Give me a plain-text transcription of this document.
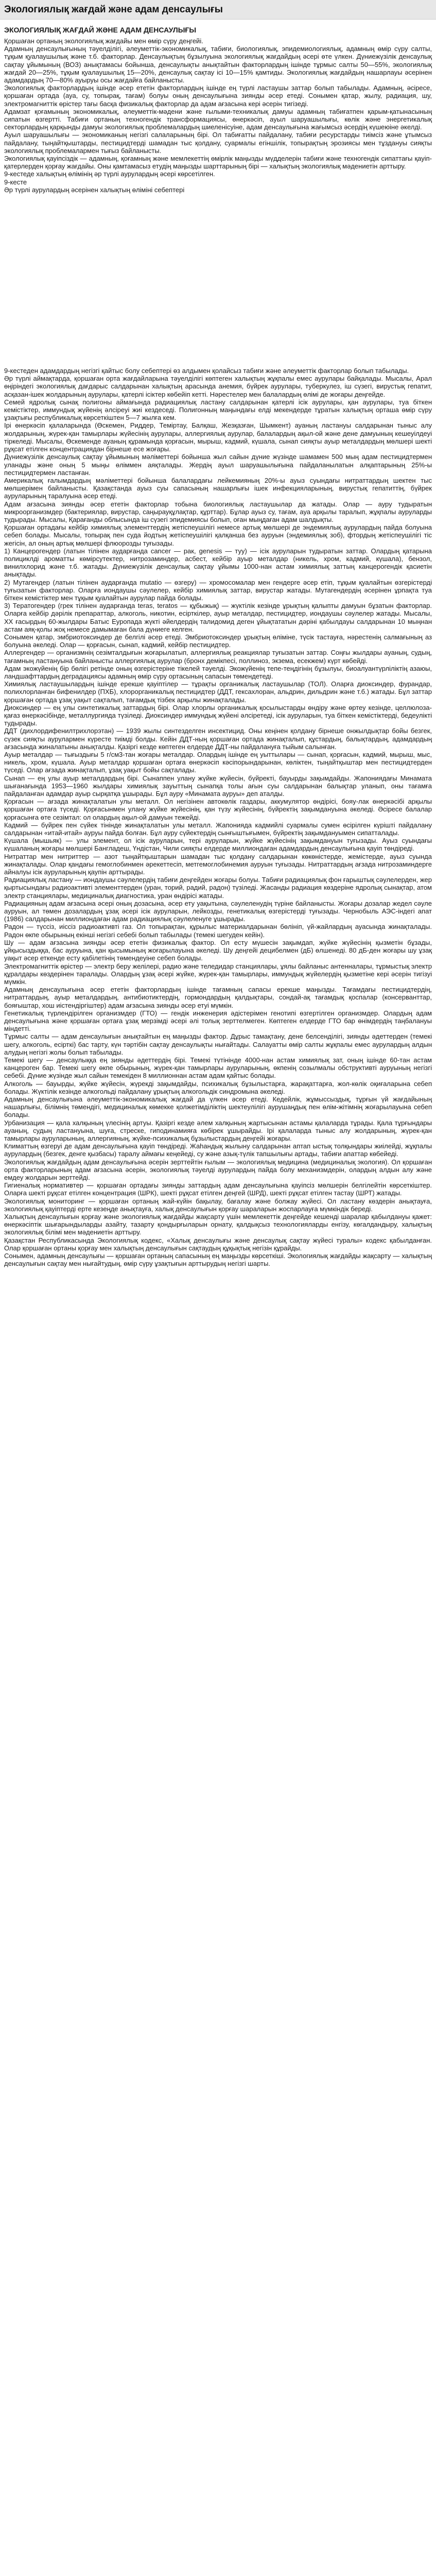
Экологиялық жағдай және адам денсаулығы
ЭКОЛОГИЯЛЫҚ ЖАҒДАЙ ЖӘНЕ АДАМ ДЕНСАУЛЫҒЫ

Қоршаған ортаның экологиялық жағдайы мен өмір сүру деңгейі.

Адамның денсаулығының тәуелділігі, әлеуметтік-экономикалық, табиғи, биологиялық, эпидемиологиялық, адамның өмір сүру салты, тұқым қуалаушылық және т.б. факторлар. Денсаулықтың бұзылуына экологиялық жағдайдың әсері өте үлкен. Дүниежүзілік денсаулық сақтау ұйымының (ВОЗ) анықтамасы бойынша, денсаулықты анықтайтын факторлардың ішінде тұрмыс салты 50—55%, экологиялық жағдай 20—25%, тұқым қуалаушылық 15—20%, денсаулық сақтау ісі 10—15% қамтиды. Экологиялық жағдайдың нашарлауы әсерінен адамдардың 70—80% ауыруы осы жағдайға байланысты.

Экологиялық факторлардың ішінде әсер ететін факторлардың ішінде ең түрлі ластаушы заттар болып табылады. Адамның, әсіресе, қоршаған ортада (ауа, су, топырақ, тағам) болуы оның денсаулығына зиянды әсер етеді. Сонымен қатар, жылу, радиация, шу, электромагниттік өрістер тағы басқа физикалық факторлар да адам ағзасына кері әсерін тигізеді.

Адамзат қоғамының экономикалық, әлеуметтік-мәдени және ғылыми-техникалық дамуы адамның табиғатпен қарым-қатынасының сипатын өзгертті. Табиғи ортаның техногендік трансформациясы, өнеркәсіп, ауыл шаруашылығы, көлік және энергетикалық секторлардың қарқынды дамуы экологиялық проблемалардың шиеленісуіне, адам денсаулығына жағымсыз әсердің күшеюіне әкелді.

Ауыл шаруашылығы — экономиканың негізгі салаларының бірі. Ол табиғатты пайдалану, табиғи ресурстарды тиімсіз және ұтымсыз пайдалану, тыңайтқыштарды, пестицидтерді шамадан тыс қолдану, суармалы егіншілік, топырақтың эрозиясы мен тұздануы сияқты экологиялық проблемалармен тығыз байланысты.

Экологиялық қауіпсіздік — адамның, қоғамның және мемлекеттің өмірлік маңызды мүдделерін табиғи және техногендік сипаттағы қауіп-қатерлерден қорғау жағдайы. Оны қамтамасыз етудің маңызды шарттарының бірі — халықтың экологиялық мәдениетін арттыру.

9-кестеде халықтың өлімінің әр түрлі аурулардың әсері көрсетілген.

9-кесте

Әр түрлі аурулардың әсерінен халықтың өліміні себептері

9-кестеден адамдардың негізгі қайтыс болу себептері өз алдымен қолайсыз табиғи және әлеуметтік факторлар болып табылады.

Әр түрлі аймақтарда, қоршаған орта жағдайларына тәуелділігі көптеген халықтың жұқпалы емес аурулары байқалады. Мысалы, Арал өңіріндегі экологиялық дағдарыс салдарынан халықтың арасында анемия, бүйрек аурулары, туберкулез, іш сүзегі, вирустық гепатит, асқазан-ішек жолдарының аурулары, қатерлі ісіктер көбейіп кетті. Нәрестелер мен балалардың өлімі де жоғары деңгейде.

Семей ядролық сынақ полигоны аймағында радиациялық ластану салдарынан қатерлі ісік аурулары, қан аурулары, туа біткен кемістіктер, иммундық жүйенің әлсіреуі жиі кездеседі. Полигонның маңындағы елді мекендерде тұратын халықтың орташа өмір сүру ұзақтығы республикалық көрсеткіштен 5—7 жылға кем.

Ірі өнеркәсіп қалаларында (Өскемен, Риддер, Теміртау, Балқаш, Жезқазған, Шымкент) ауаның ластануы салдарынан тыныс алу жолдарының, жүрек-қан тамырлары жүйесінің аурулары, аллергиялық аурулар, балалардың ақыл-ой және дене дамуының кешеуілдеуі тіркеледі. Мысалы, Өскеменде ауаның құрамында қорғасын, мырыш, кадмий, күшала, сынап сияқты ауыр металдардың мөлшері шекті рұқсат етілген концентрациядан бірнеше есе жоғары.

Дүниежүзілік денсаулық сақтау ұйымының мәліметтері бойынша жыл сайын дүние жүзінде шамамен 500 мың адам пестицидтермен уланады және оның 5 мыңы өліммен аяқталады. Жердің ауыл шаруашылығына пайдаланылатын алқаптарының 25%-ы пестицидтермен ластанған.

Америкалық ғалымдардың мәліметтері бойынша балалардағы лейкемияның 20%-ы ауыз суындағы нитраттардың шектен тыс мөлшерімен байланысты. Қазақстанда ауыз суы сапасының нашарлығы ішек инфекцияларының, вирустық гепатиттің, бүйрек ауруларының таралуына әсер етеді.

Адам ағзасына зиянды әсер ететін факторлар тобына биологиялық ластаушылар да жатады. Олар — ауру тудыратын микроорганизмдер (бактериялар, вирустар, саңырауқұлақтар, құрттар). Бұлар ауыз су, тағам, ауа арқылы таралып, жұқпалы ауруларды тудырады. Мысалы, Қарағанды облысында іш сүзегі эпидемиясы болып, оған мыңдаған адам шалдықты.

Қоршаған ортадағы кейбір химиялық элементтердің жетіспеушілігі немесе артық мөлшері де эндемиялық аурулардың пайда болуына себеп болады. Мысалы, топырақ пен суда йодтың жетіспеушілігі қалқанша без ауруын (эндемиялық зоб), фтордың жетіспеушілігі тіс жегісін, ал оның артық мөлшері флюорозды туғызады.

1) Канцерогендер (латын тілінен аударғанда cancer — рак, genesis — туу) — ісік ауруларын тудыратын заттар. Олардың қатарына полициклді ароматты көмірсутектер, нитрозаминдер, асбест, кейбір ауыр металдар (никель, хром, кадмий, күшала), бензол, винилхлорид және т.б. жатады. Дүниежүзілік денсаулық сақтау ұйымы 1000-нан астам химиялық заттың канцерогендік қасиетін анықтады.

2) Мутагендер (латын тілінен аударғанда mutatio — өзгеру) — хромосомалар мен гендерге әсер етіп, тұқым қуалайтын өзгерістерді туғызатын факторлар. Оларға иондаушы сәулелер, кейбір химиялық заттар, вирустар жатады. Мутагендердің әсерінен ұрпақта туа біткен кемістіктер мен тұқым қуалайтын аурулар пайда болады.

3) Тератогендер (грек тілінен аударғанда teras, teratos — құбыжық) — жүктілік кезінде ұрықтың қалыпты дамуын бұзатын факторлар. Оларға кейбір дәрілік препараттар, алкоголь, никотин, есірткілер, ауыр металдар, пестицидтер, иондаушы сәулелер жатады. Мысалы, ХХ ғасырдың 60-жылдары Батыс Еуропада жүкті әйелдердің талидомид деген ұйықтататын дәріні қабылдауы салдарынан 10 мыңнан астам аяқ-қолы жоқ немесе дамымаған бала дүниеге келген.

Сонымен қатар, эмбриотоксиндер де белгілі әсер етеді. Эмбриотоксиндер ұрықтың өліміне, түсік тастауға, нәрестенің салмағының аз болуына әкеледі. Олар — қорғасын, сынап, кадмий, кейбір пестицидтер.

Аллергендер — организмнің сезімталдығын жоғарылатып, аллергиялық реакциялар туғызатын заттар. Соңғы жылдары ауаның, судың, тағамның ластануына байланысты аллергиялық аурулар (бронх демікпесі, поллиноз, экзема, есекжем) күрт көбейді.

Адам экожүйенің бір бөлігі ретінде оның өзгерістеріне тікелей тәуелді. Экожүйенің тепе-теңдігінің бұзылуы, биоалуантүрліліктің азаюы, ландшафттардың деградациясы адамның өмір сүру ортасының сапасын төмендетеді.

Химиялық ластаушылардың ішінде ерекше қауіптілер — тұрақты органикалық ластаушылар (ТОЛ). Оларға диоксиндер, фурандар, полихлорланған бифенилдер (ПХБ), хлорорганикалық пестицидтер (ДДТ, гексахлоран, альдрин, дильдрин және т.б.) жатады. Бұл заттар қоршаған ортада ұзақ уақыт сақталып, тағамдық тізбек арқылы жинақталады.

Диоксиндер — ең улы синтетикалық заттардың бірі. Олар хлорлы органикалық қосылыстарды өндіру және өртеу кезінде, целлюлоза-қағаз өнеркәсібінде, металлургияда түзіледі. Диоксиндер иммундық жүйені әлсіретеді, ісік ауруларын, туа біткен кемістіктерді, бедеулікті тудырады.

ДДТ (дихлордифенилтрихлорэтан) — 1939 жылы синтезделген инсектицид. Оны кеңінен қолдану бірнеше онжылдықтар бойы безгек, сүзек сияқты аурулармен күресте тиімді болды. Кейін ДДТ-ның қоршаған ортада жинақталып, құстардың, балықтардың, адамдардың ағзасында жиналатыны анықталды. Қазіргі кезде көптеген елдерде ДДТ-ны пайдалануға тыйым салынған.

Ауыр металдар — тығыздығы 5 г/см3-тан жоғары металдар. Олардың ішінде ең уыттылары — сынап, қорғасын, кадмий, мырыш, мыс, никель, хром, күшала. Ауыр металдар қоршаған ортаға өнеркәсіп кәсіпорындарынан, көліктен, тыңайтқыштар мен пестицидтерден түседі. Олар ағзада жинақталып, ұзақ уақыт бойы сақталады.

Сынап — ең улы ауыр металдардың бірі. Сынаппен улану жүйке жүйесін, бүйректі, бауырды зақымдайды. Жапониядағы Минамата шығанағында 1953—1960 жылдары химиялық зауыттың сынапқа толы ағын суы салдарынан балықтар уланып, оны тағамға пайдаланған адамдар ауыр сырқатқа ұшырады. Бұл ауру «Минамата ауруы» деп аталды.

Қорғасын — ағзада жинақталатын улы металл. Ол негізінен автокөлік газдары, аккумулятор өндірісі, бояу-лак өнеркәсібі арқылы қоршаған ортаға түседі. Қорғасынмен улану жүйке жүйесінің, қан түзу жүйесінің, бүйректің зақымдануына әкеледі. Әсіресе балалар қорғасынға өте сезімтал: ол олардың ақыл-ой дамуын тежейді.

Кадмий — бүйрек пен сүйек тінінде жинақталатын улы металл. Жапонияда кадмийлі суармалы сумен өсірілген күрішті пайдалану салдарынан «итай-итай» ауруы пайда болған. Бұл ауру сүйектердің сынғыштығымен, бүйректің зақымдануымен сипатталады.

Күшала (мышьяк) — улы элемент, ол ісік ауруларын, тері ауруларын, жүйке жүйесінің зақымдануын туғызады. Ауыз суындағы күшаланың жоғары мөлшері Бангладеш, Үндістан, Чили сияқты елдерде миллиондаған адамдардың денсаулығына қауіп төндіреді.

Нитраттар мен нитриттер — азот тыңайтқыштарын шамадан тыс қолдану салдарынан көкөністерде, жемістерде, ауыз суында жинақталады. Олар қандағы гемоглобинмен әрекеттесіп, метгемоглобинемия ауруын туғызады. Нитраттардың ағзада нитрозаминдерге айналуы ісік ауруларының қаупін арттырады.

Радиациялық ластану — иондаушы сәулелердің табиғи деңгейден жоғары болуы. Табиғи радиациялық фон ғарыштық сәулелерден, жер қыртысындағы радиоактивті элементтерден (уран, торий, радий, радон) түзіледі. Жасанды радиация көздеріне ядролық сынақтар, атом электр станциялары, медициналық диагностика, уран өндірісі жатады.

Радиацияның адам ағзасына әсері оның дозасына, әсер ету уақытына, сәулеленудің түріне байланысты. Жоғары дозалар жедел сәуле ауруын, ал төмен дозалардың ұзақ әсері ісік ауруларын, лейкозды, генетикалық өзгерістерді туғызады. Чернобыль АЭС-індегі апат (1986) салдарынан миллиондаған адам радиациялық сәулеленуге ұшырады.

Радон — түссіз, иіссіз радиоактивті газ. Ол топырақтан, құрылыс материалдарынан бөлініп, үй-жайлардың ауасында жинақталады. Радон өкпе обырының екінші негізгі себебі болып табылады (темекі шегуден кейін).

Шу — адам ағзасына зиянды әсер ететін физикалық фактор. Ол есту мүшесін зақымдап, жүйке жүйесінің қызметін бұзады, ұйқысыздыққа, бас ауруына, қан қысымының жоғарылауына әкеледі. Шу деңгейі децибелмен (дБ) өлшенеді. 80 дБ-ден жоғары шу ұзақ уақыт әсер еткенде есту қабілетінің төмендеуіне себеп болады.

Электромагниттік өрістер — электр беру желілері, радио және теледидар станциялары, ұялы байланыс антенналары, тұрмыстық электр құралдары көздерінен таралады. Олардың ұзақ әсері жүйке, жүрек-қан тамырлары, иммундық жүйелердің қызметіне кері әсерін тигізуі мүмкін.

Адамның денсаулығына әсер ететін факторлардың ішінде тағамның сапасы ерекше маңызды. Тағамдағы пестицидтердің, нитраттардың, ауыр металдардың, антибиотиктердің, гормондардың қалдықтары, сондай-ақ тағамдық қоспалар (консерванттар, бояғыштар, хош иістендіргіштер) адам ағзасына зиянды әсер етуі мүмкін.

Генетикалық түрлендірілген организмдер (ГТО) — гендік инженерия әдістерімен генотипі өзгертілген организмдер. Олардың адам денсаулығына және қоршаған ортаға ұзақ мерзімді әсері әлі толық зерттелмеген. Көптеген елдерде ГТО бар өнімдердің таңбалануы міндетті.

Тұрмыс салты — адам денсаулығын анықтайтын ең маңызды фактор. Дұрыс тамақтану, дене белсенділігі, зиянды әдеттерден (темекі шегу, алкоголь, есірткі) бас тарту, күн тәртібін сақтау денсаулықты нығайтады. Салауатты өмір салты жұқпалы емес аурулардың алдын алудың негізгі жолы болып табылады.

Темекі шегу — денсаулыққа ең зиянды әдеттердің бірі. Темекі түтінінде 4000-нан астам химиялық зат, оның ішінде 60-тан астам канцероген бар. Темекі шегу өкпе обырының, жүрек-қан тамырлары ауруларының, өкпенің созылмалы обструктивті ауруының негізгі себебі. Дүние жүзінде жыл сайын темекіден 8 миллионнан астам адам қайтыс болады.

Алкоголь — бауырды, жүйке жүйесін, жүрекді зақымдайды, психикалық бұзылыстарға, жарақаттарға, жол-көлік оқиғаларына себеп болады. Жүктілік кезінде алкогольді пайдалану ұрықтың алкогольдік синдромына әкеледі.

Адамның денсаулығына әлеуметтік-экономикалық жағдай да үлкен әсер етеді. Кедейлік, жұмыссыздық, тұрғын үй жағдайының нашарлығы, білімнің төмендігі, медициналық көмекке қолжетімділіктің шектеулілігі аурушаңдық пен өлім-жітімнің жоғарылауына себеп болады.

Урбанизация — қала халқының үлесінің артуы. Қазіргі кезде әлем халқының жартысынан астамы қалаларда тұрады. Қала тұрғындары ауаның, судың ластануына, шуға, стреске, гиподинамияға көбірек ұшырайды. Ірі қалаларда тыныс алу жолдарының, жүрек-қан тамырлары ауруларының, аллергияның, жүйке-психикалық бұзылыстардың деңгейі жоғары.

Климаттың өзгеруі де адам денсаулығына қауіп төндіреді. Жаһандық жылыну салдарынан аптап ыстық толқындары жиілейді, жұқпалы аурулардың (безгек, денге қызбасы) таралу аймағы кеңейеді, су және азық-түлік тапшылығы артады, табиғи апаттар көбейеді.

Экологиялық жағдайдың адам денсаулығына әсерін зерттейтін ғылым — экологиялық медицина (медициналық экология). Ол қоршаған орта факторларының адам ағзасына әсерін, экологиялық тәуелді аурулардың пайда болу механизмдерін, олардың алдын алу және емдеу жолдарын зерттейді.

Гигиеналық нормативтер — қоршаған ортадағы зиянды заттардың адам денсаулығына қауіпсіз мөлшерін белгілейтін көрсеткіштер. Оларға шекті рұқсат етілген концентрация (ШРК), шекті рұқсат етілген деңгей (ШРД), шекті рұқсат етілген тастау (ШРТ) жатады.

Экологиялық мониторинг — қоршаған ортаның жай-күйін бақылау, бағалау және болжау жүйесі. Ол ластану көздерін анықтауға, экологиялық қауіптерді ерте кезеңде анықтауға, халық денсаулығын қорғау шараларын жоспарлауға мүмкіндік береді.

Халықтың денсаулығын қорғау және экологиялық жағдайды жақсарту үшін мемлекеттік деңгейде кешенді шаралар қабылдануы қажет: өнеркәсіптік шығарындыларды азайту, тазарту қондырғыларын орнату, қалдықсыз технологияларды енгізу, көгалдандыру, халықтың экологиялық білімі мен мәдениетін арттыру.

Қазақстан Республикасында Экологиялық кодекс, «Халық денсаулығы және денсаулық сақтау жүйесі туралы» кодекс қабылданған. Олар қоршаған ортаны қорғау мен халықтың денсаулығын сақтаудың құқықтық негізін құрайды.

Сонымен, адамның денсаулығы — қоршаған ортаның сапасының ең маңызды көрсеткіші. Экологиялық жағдайды жақсарту — халықтың денсаулығын сақтау мен нығайтудың, өмір сүру ұзақтығын арттырудың негізгі шарты.
